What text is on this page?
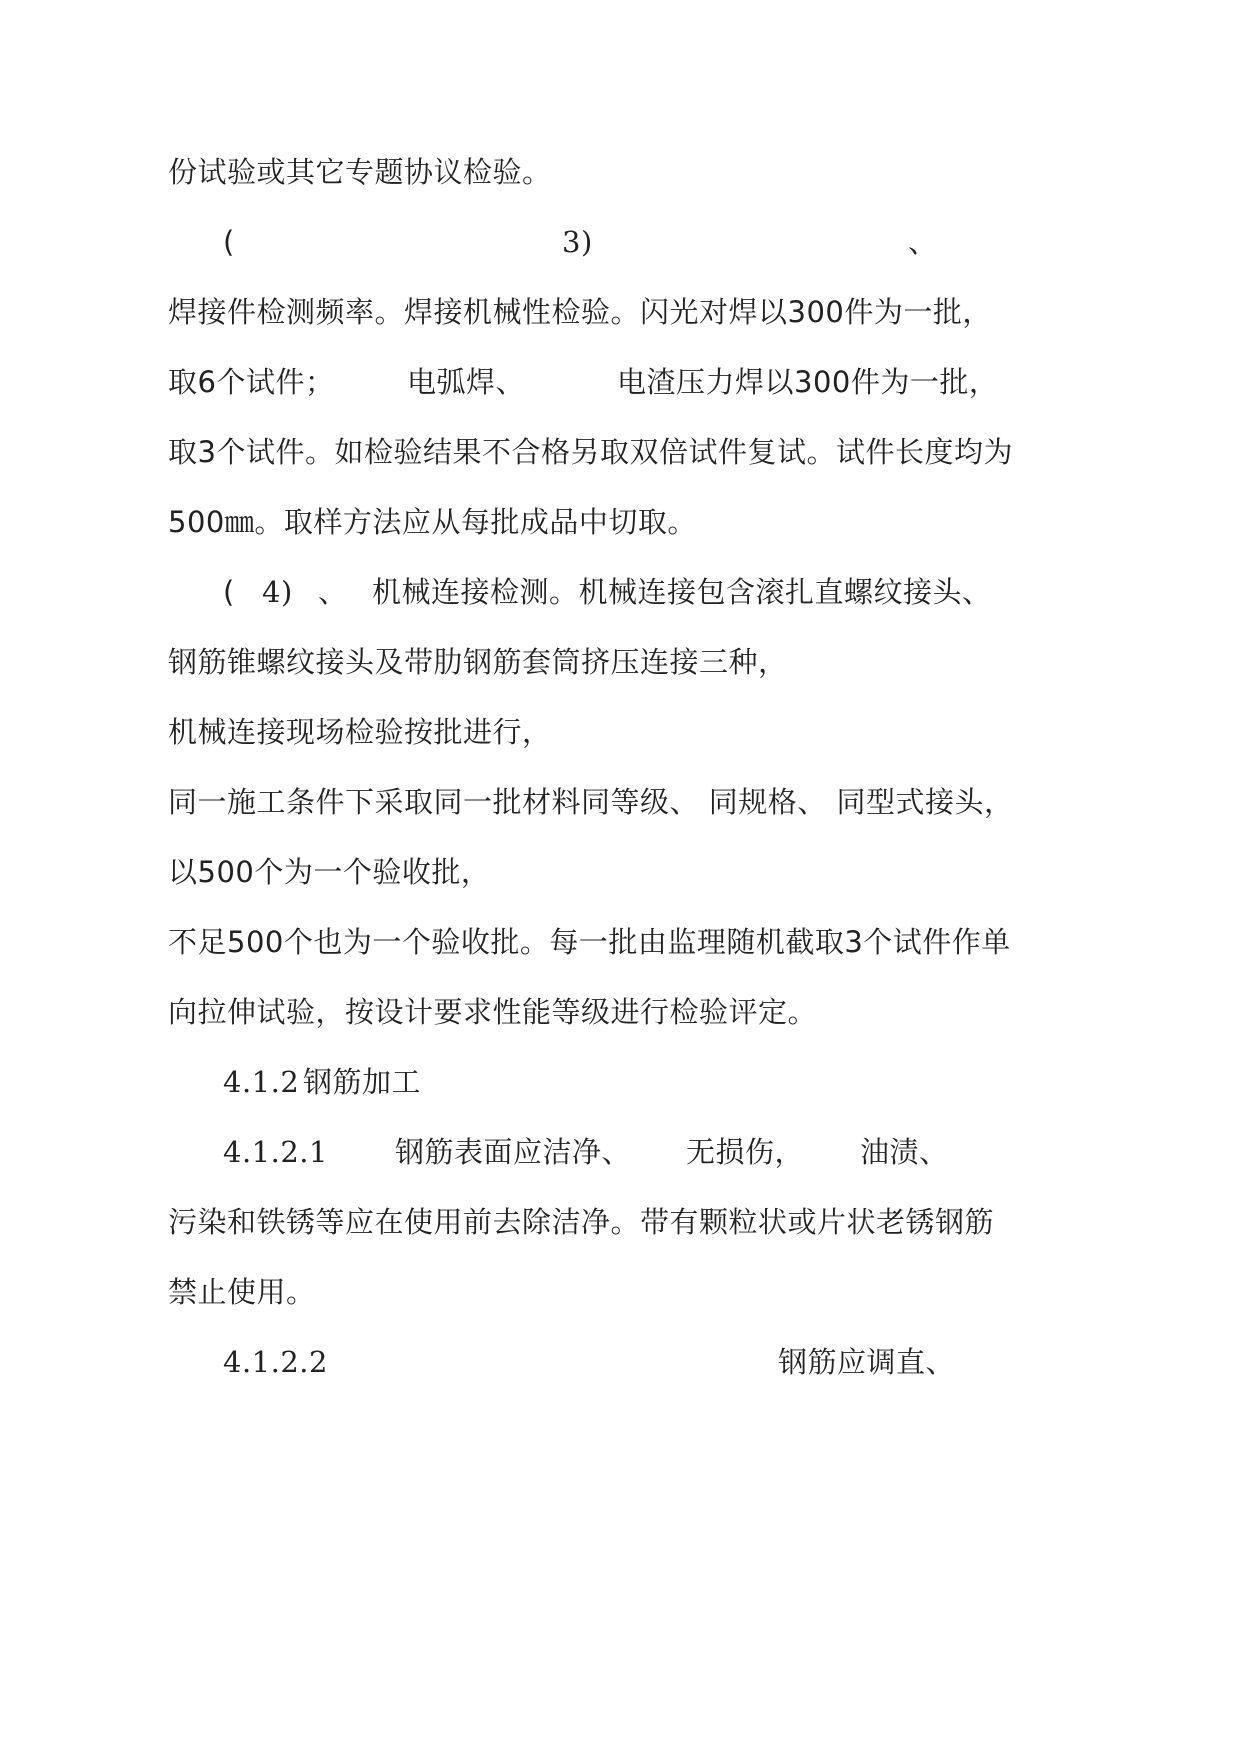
份试验或其它专题协议检验。
(	3)	、
焊接件检测频率。焊接机械性检验。闪光对焊以300件为一批，
取6个试件；	电弧焊、	电渣压力焊以300件为一批，
取3个试件。如检验结果不合格另取双倍试件复试。试件长度均为
500㎜。取样方法应从每批成品中切取。
( 4) 、 机械连接检测。机械连接包含滚扎直螺纹接头、
钢筋锥螺纹接头及带肋钢筋套筒挤压连接三种，
机械连接现场检验按批进行，
同一施工条件下采取同一批材料同等级、 同规格、 同型式接头，
以500个为一个验收批，
不足500个也为一个验收批。每一批由监理随机截取3个试件作单
向拉伸试验，按设计要求性能等级进行检验评定。
4.1.2 钢筋加工
4.1.2.1 钢筋表面应洁净、 无损伤， 油渍、
污染和铁锈等应在使用前去除洁净。带有颗粒状或片状老锈钢筋
禁止使用。
4.1.2.2	钢筋应调直、
